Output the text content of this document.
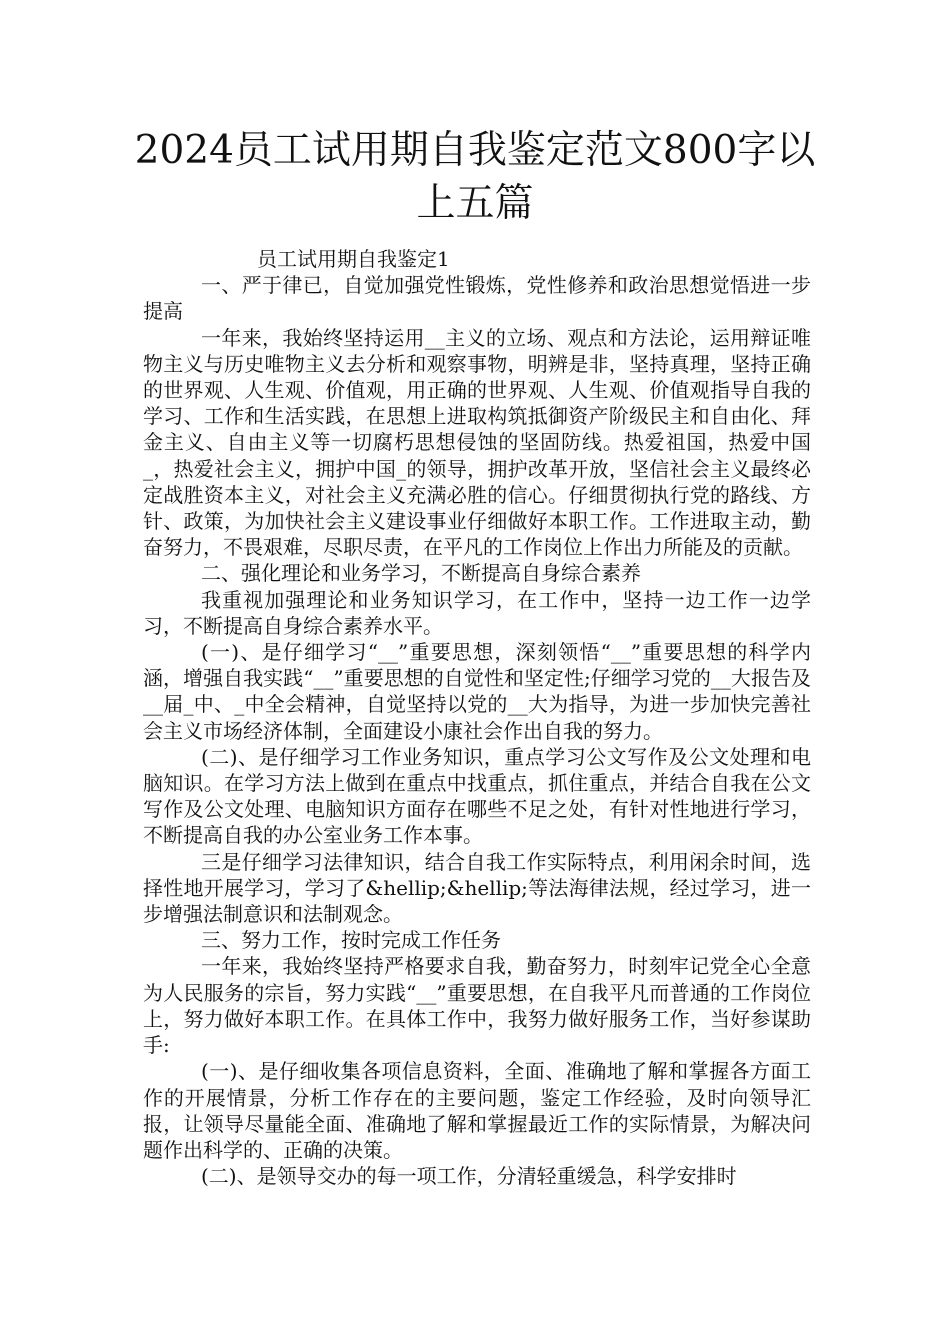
2024员工试用期自我鉴定范文800字以上五篇

员工试用期自我鉴定1

一、严于律已，自觉加强党性锻炼，党性修养和政治思想觉悟进一步提高

一年来，我始终坚持运用__主义的立场、观点和方法论，运用辩证唯物主义与历史唯物主义去分析和观察事物，明辨是非，坚持真理，坚持正确的世界观、人生观、价值观，用正确的世界观、人生观、价值观指导自我的学习、工作和生活实践，在思想上进取构筑抵御资产阶级民主和自由化、拜金主义、自由主义等一切腐朽思想侵蚀的坚固防线。热爱祖国，热爱中国_，热爱社会主义，拥护中国_的领导，拥护改革开放，坚信社会主义最终必定战胜资本主义，对社会主义充满必胜的信心。仔细贯彻执行党的路线、方针、政策，为加快社会主义建设事业仔细做好本职工作。工作进取主动，勤奋努力，不畏艰难，尽职尽责，在平凡的工作岗位上作出力所能及的贡献。

二、强化理论和业务学习，不断提高自身综合素养

我重视加强理论和业务知识学习，在工作中，坚持一边工作一边学习，不断提高自身综合素养水平。

(一)、是仔细学习“__”重要思想，深刻领悟“__”重要思想的科学内涵，增强自我实践“__”重要思想的自觉性和坚定性;仔细学习党的__大报告及__届_中、_中全会精神，自觉坚持以党的__大为指导，为进一步加快完善社会主义市场经济体制，全面建设小康社会作出自我的努力。

(二)、是仔细学习工作业务知识，重点学习公文写作及公文处理和电脑知识。在学习方法上做到在重点中找重点，抓住重点，并结合自我在公文写作及公文处理、电脑知识方面存在哪些不足之处，有针对性地进行学习，不断提高自我的办公室业务工作本事。

三是仔细学习法律知识，结合自我工作实际特点，利用闲余时间，选择性地开展学习，学习了&hellip;&hellip;等法海律法规，经过学习，进一步增强法制意识和法制观念。

三、努力工作，按时完成工作任务

一年来，我始终坚持严格要求自我，勤奋努力，时刻牢记党全心全意为人民服务的宗旨，努力实践“__”重要思想，在自我平凡而普通的工作岗位上，努力做好本职工作。在具体工作中，我努力做好服务工作，当好参谋助手:

(一)、是仔细收集各项信息资料，全面、准确地了解和掌握各方面工作的开展情景，分析工作存在的主要问题，鉴定工作经验，及时向领导汇报，让领导尽量能全面、准确地了解和掌握最近工作的实际情景，为解决问题作出科学的、正确的决策。

(二)、是领导交办的每一项工作，分清轻重缓急，科学安排时
